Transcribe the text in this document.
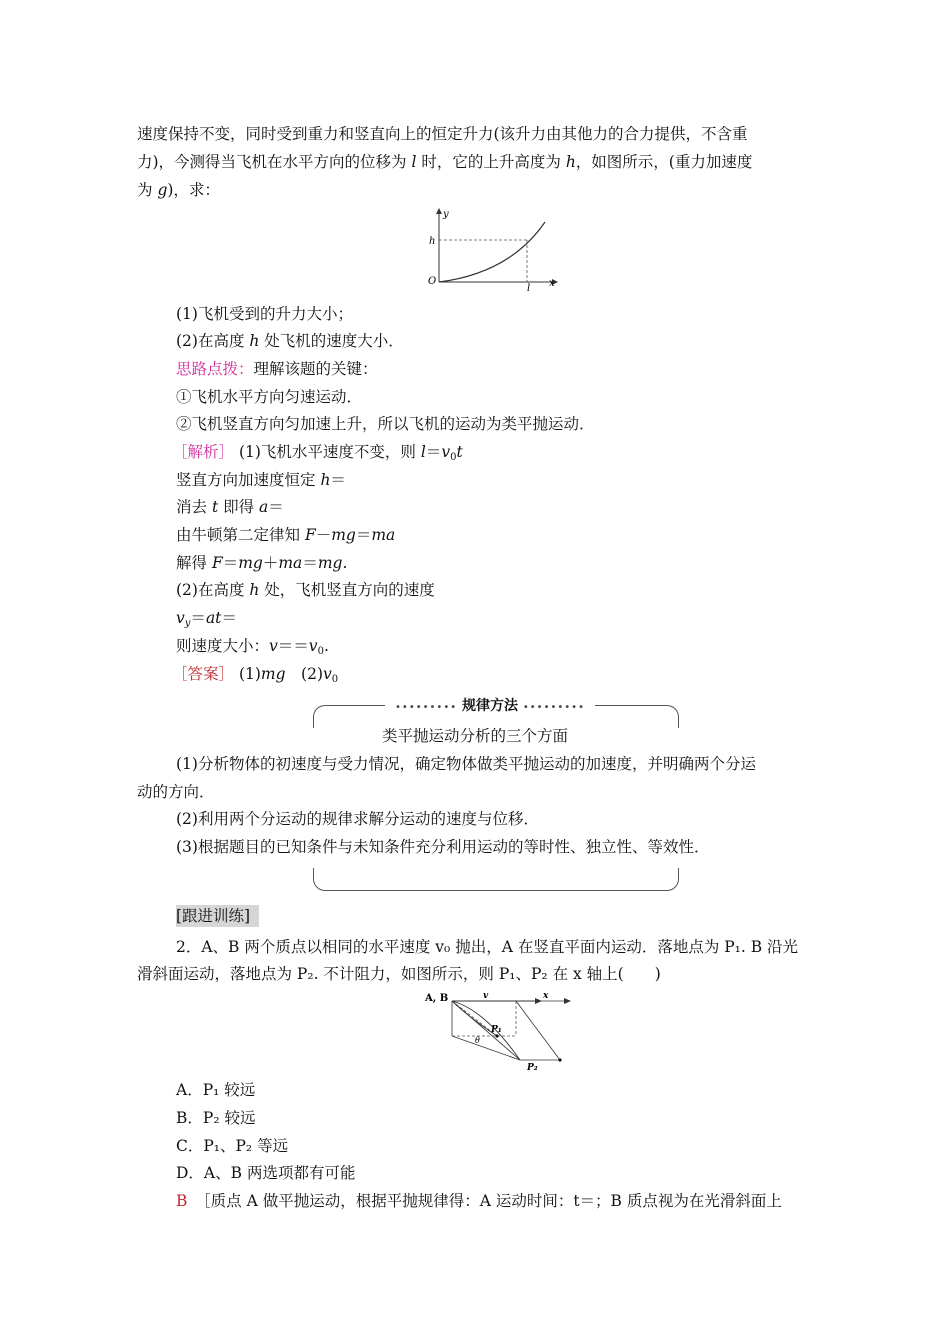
速度保持不变，同时受到重力和竖直向上的恒定升力(该升力由其他力的合力提供，不含重
力)，今测得当飞机在水平方向的位移为 l 时，它的上升高度为 h，如图所示，(重力加速度
为 g)，求：
y
x
h
O
l
(1)飞机受到的升力大小；
(2)在高度 h 处飞机的速度大小．
思路点拨：理解该题的关键：
①飞机水平方向匀速运动．
②飞机竖直方向匀加速上升，所以飞机的运动为类平抛运动．
［解析］ (1)飞机水平速度不变，则 $l=v_0t$
竖直方向加速度恒定 h＝
消去 t 即得 a＝
由牛顿第二定律知 F－mg＝ma
解得 F＝mg＋ma＝mg.
(2)在高度 h 处，飞机竖直方向的速度
$v_y=at=$
则速度大小：$v==v_0$.
［答案］ (1)mg　$(2)v_0$
••••••••• 规律方法 •••••••••
类平抛运动分析的三个方面
(1)分析物体的初速度与受力情况，确定物体做类平抛运动的加速度，并明确两个分运
动的方向．
(2)利用两个分运动的规律求解分运动的速度与位移．
(3)根据题目的已知条件与未知条件充分利用运动的等时性、独立性、等效性．
[跟进训练]
2．A、B 两个质点以相同的水平速度 v₀ 抛出，A 在竖直平面内运动．落地点为 P₁. B 沿光
滑斜面运动，落地点为 P₂. 不计阻力，如图所示，则 P₁、P₂ 在 x 轴上(　　)
A, B	v	x
P₁
P₂
θ
A．P₁ 较远
B．P₂ 较远
C．P₁、P₂ 等远
D．A、B 两选项都有可能
B　 ［质点 A 做平抛运动，根据平抛规律得：A 运动时间：t＝；B 质点视为在光滑斜面上
